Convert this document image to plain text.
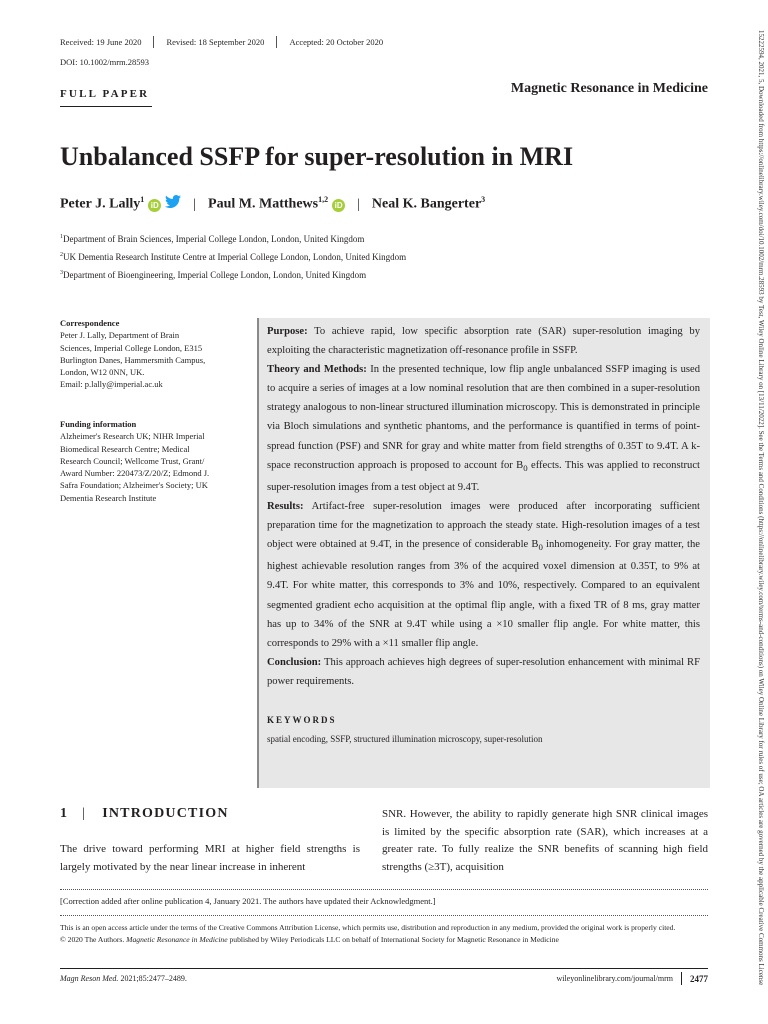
Received: 19 June 2020	Revised: 18 September 2020	Accepted: 20 October 2020
DOI: 10.1002/mrm.28593
FULL PAPER	Magnetic Resonance in Medicine
Unbalanced SSFP for super-resolution in MRI
Peter J. Lally$^1$
iD | Paul M. Matthews$^{1,2}$
iD | Neal K. Bangerter$^3$
$^1$Department of Brain Sciences, Imperial College London, London, United Kingdom
$^2$UK Dementia Research Institute Centre at Imperial College London, London, United Kingdom
$^3$Department of Bioengineering, Imperial College London, London, United Kingdom
Correspondence
Peter J. Lally, Department of Brain
Sciences, Imperial College London, E315
Burlington Danes, Hammersmith Campus,
London, W12 0NN, UK.
Email: p.lally@imperial.ac.uk
Funding information
Alzheimer's Research UK; NIHR Imperial
Biomedical Research Centre; Medical
Research Council; Wellcome Trust, Grant/
Award Number: 220473/Z/20/Z; Edmond J.
Safra Foundation; Alzheimer's Society; UK
Dementia Research Institute

Purpose: To achieve rapid, low specific absorption rate (SAR) super-resolution imaging by exploiting the characteristic magnetization off-resonance profile in SSFP.

Theory and Methods: In the presented technique, low flip angle unbalanced SSFP imaging is used to acquire a series of images at a low nominal resolution that are then combined in a super-resolution strategy analogous to non-linear structured illumination microscopy. This is demonstrated in principle via Bloch simulations and synthetic phantoms, and the performance is quantified in terms of point-spread function (PSF) and SNR for gray and white matter from field strengths of 0.35T to 9.4T. A k-space reconstruction approach is proposed to account for $B_0$ effects. This was applied to reconstruct super-resolution images from a test object at 9.4T.

Results: Artifact-free super-resolution images were produced after incorporating sufficient preparation time for the magnetization to approach the steady state. High-resolution images of a test object were obtained at 9.4T, in the presence of considerable $B_0$ inhomogeneity. For gray matter, the highest achievable resolution ranges from 3% of the acquired voxel dimension at 0.35T, to 9% at 9.4T. For white matter, this corresponds to 3% and 10%, respectively. Compared to an equivalent segmented gradient echo acquisition at the optimal flip angle, with a fixed TR of 8 ms, gray matter has up to 34% of the SNR at 9.4T while using a ×10 smaller flip angle. For white matter, this corresponds to 29% with a ×11 smaller flip angle.

Conclusion: This approach achieves high degrees of super-resolution enhancement with minimal RF power requirements.

KEYWORDS

spatial encoding, SSFP, structured illumination microscopy, super-resolution

1 | INTRODUCTION
The drive toward performing MRI at higher field strengths is largely motivated by the near linear increase in inherent
SNR. However, the ability to rapidly generate high SNR clinical images is limited by the specific absorption rate (SAR), which increases at a greater rate. To fully realize the SNR benefits of scanning high field strengths (≥3T), acquisition
[Correction added after online publication 4, January 2021. The authors have updated their Acknowledgment.]
This is an open access article under the terms of the Creative Commons Attribution License, which permits use, distribution and reproduction in any medium, provided the original work is properly cited.
© 2020 The Authors. Magnetic Resonance in Medicine published by Wiley Periodicals LLC on behalf of International Society for Magnetic Resonance in Medicine
Magn Reson Med. 2021;85:2477–2489.	wileyonlinelibrary.com/journal/mrm 2477	15222594, 2021, 5, Downloaded from https://onlinelibrary.wiley.com/doi/10.1002/mrm.28593 by Test, Wiley Online Library on [13/11/2022]. See the Terms and Conditions (https://onlinelibrary.wiley.com/terms-and-conditions) on Wiley Online Library for rules of use; OA articles are governed by the applicable Creative Commons License
